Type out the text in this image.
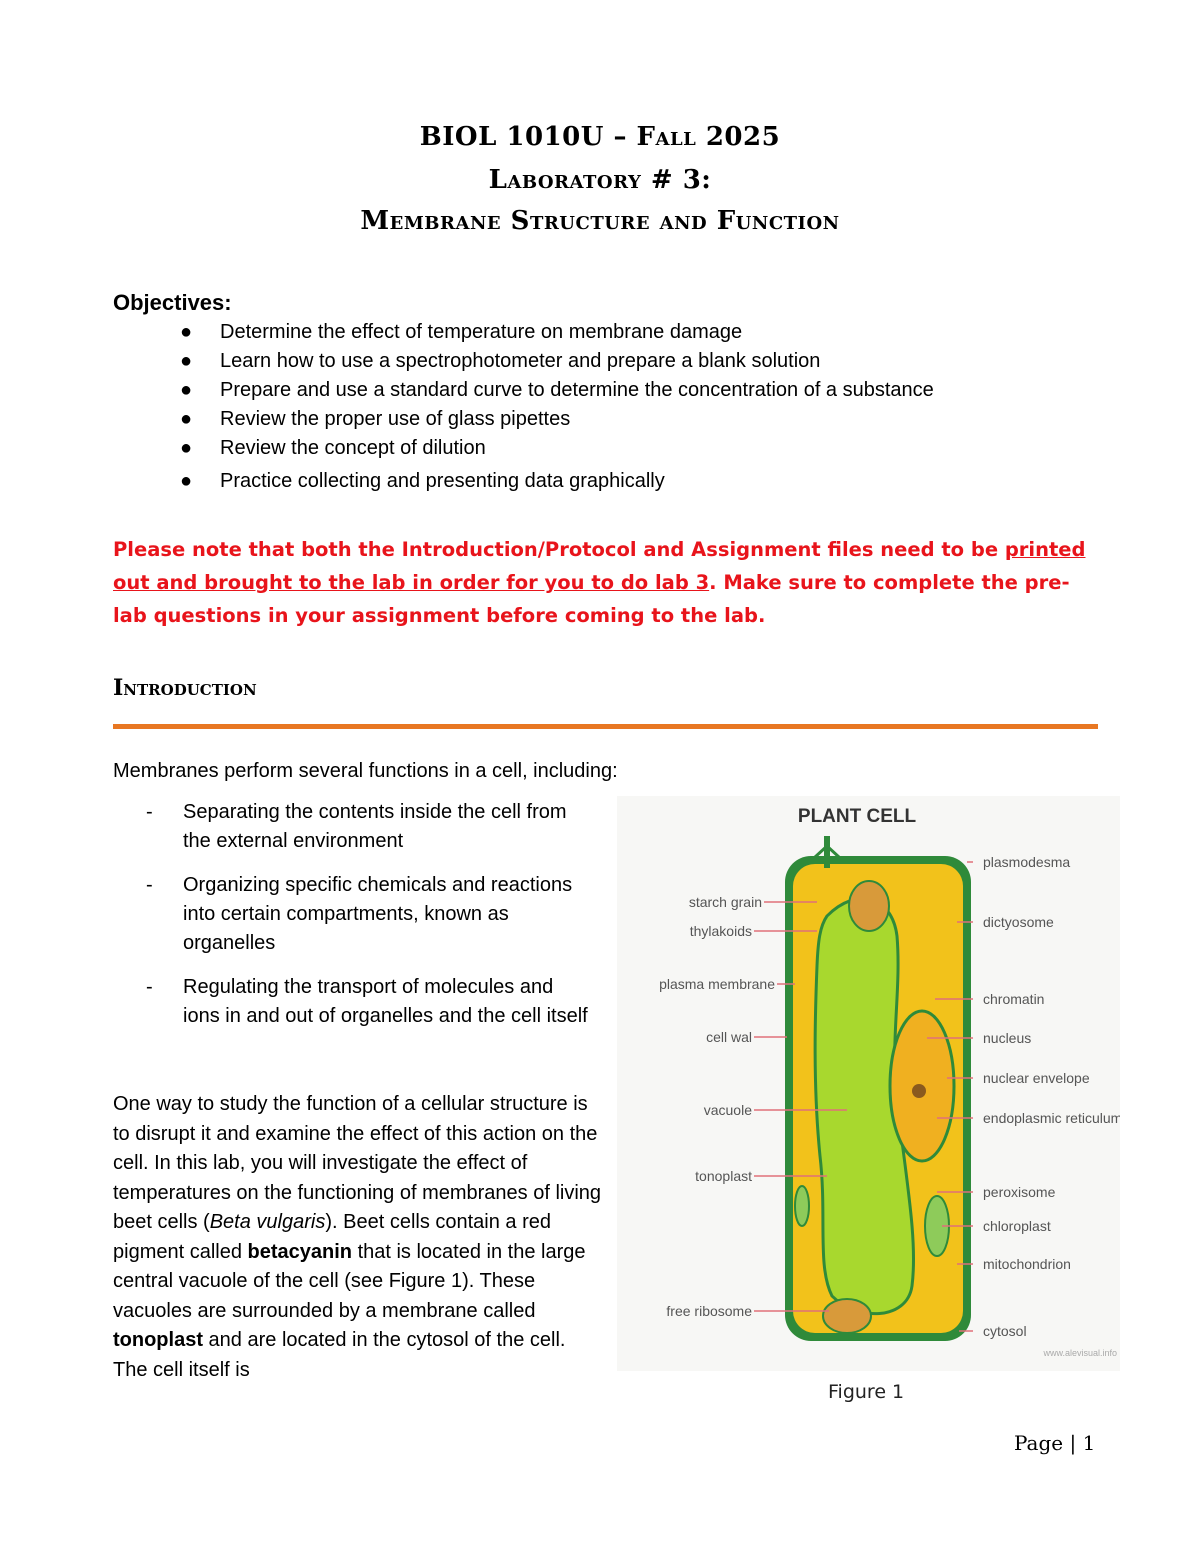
BIOL 1010U – Fall 2025
Laboratory # 3:
Membrane Structure and Function
Objectives:
● Determine the effect of temperature on membrane damage
● Learn how to use a spectrophotometer and prepare a blank solution
● Prepare and use a standard curve to determine the concentration of a substance
● Review the proper use of glass pipettes
● Review the concept of dilution
● Practice collecting and presenting data graphically
Please note that both the Introduction/Protocol and Assignment files need to be printed out and brought to the lab in order for you to do lab 3. Make sure to complete the pre-lab questions in your assignment before coming to the lab.
Introduction
Membranes perform several functions in a cell, including:
- Separating the contents inside the cell from the external environment
- Organizing specific chemicals and reactions into certain compartments, known as organelles
- Regulating the transport of molecules and ions in and out of organelles and the cell itself
One way to study the function of a cellular structure is to disrupt it and examine the effect of this action on the cell. In this lab, you will investigate the effect of temperatures on the functioning of membranes of living beet cells (Beta vulgaris). Beet cells contain a red pigment called betacyanin that is located in the large central vacuole of the cell (see Figure 1). These vacuoles are surrounded by a membrane called tonoplast and are located in the cytosol of the cell. The cell itself is
PLANT CELL
starch grain
thylakoids
plasma membrane
cell wal
vacuole
tonoplast
free ribosome
plasmodesma
dictyosome
chromatin
nucleus
nuclear envelope
endoplasmic reticulum
peroxisome
chloroplast
mitochondrion
cytosol
www.alevisual.info
Figure 1
Page | 1
